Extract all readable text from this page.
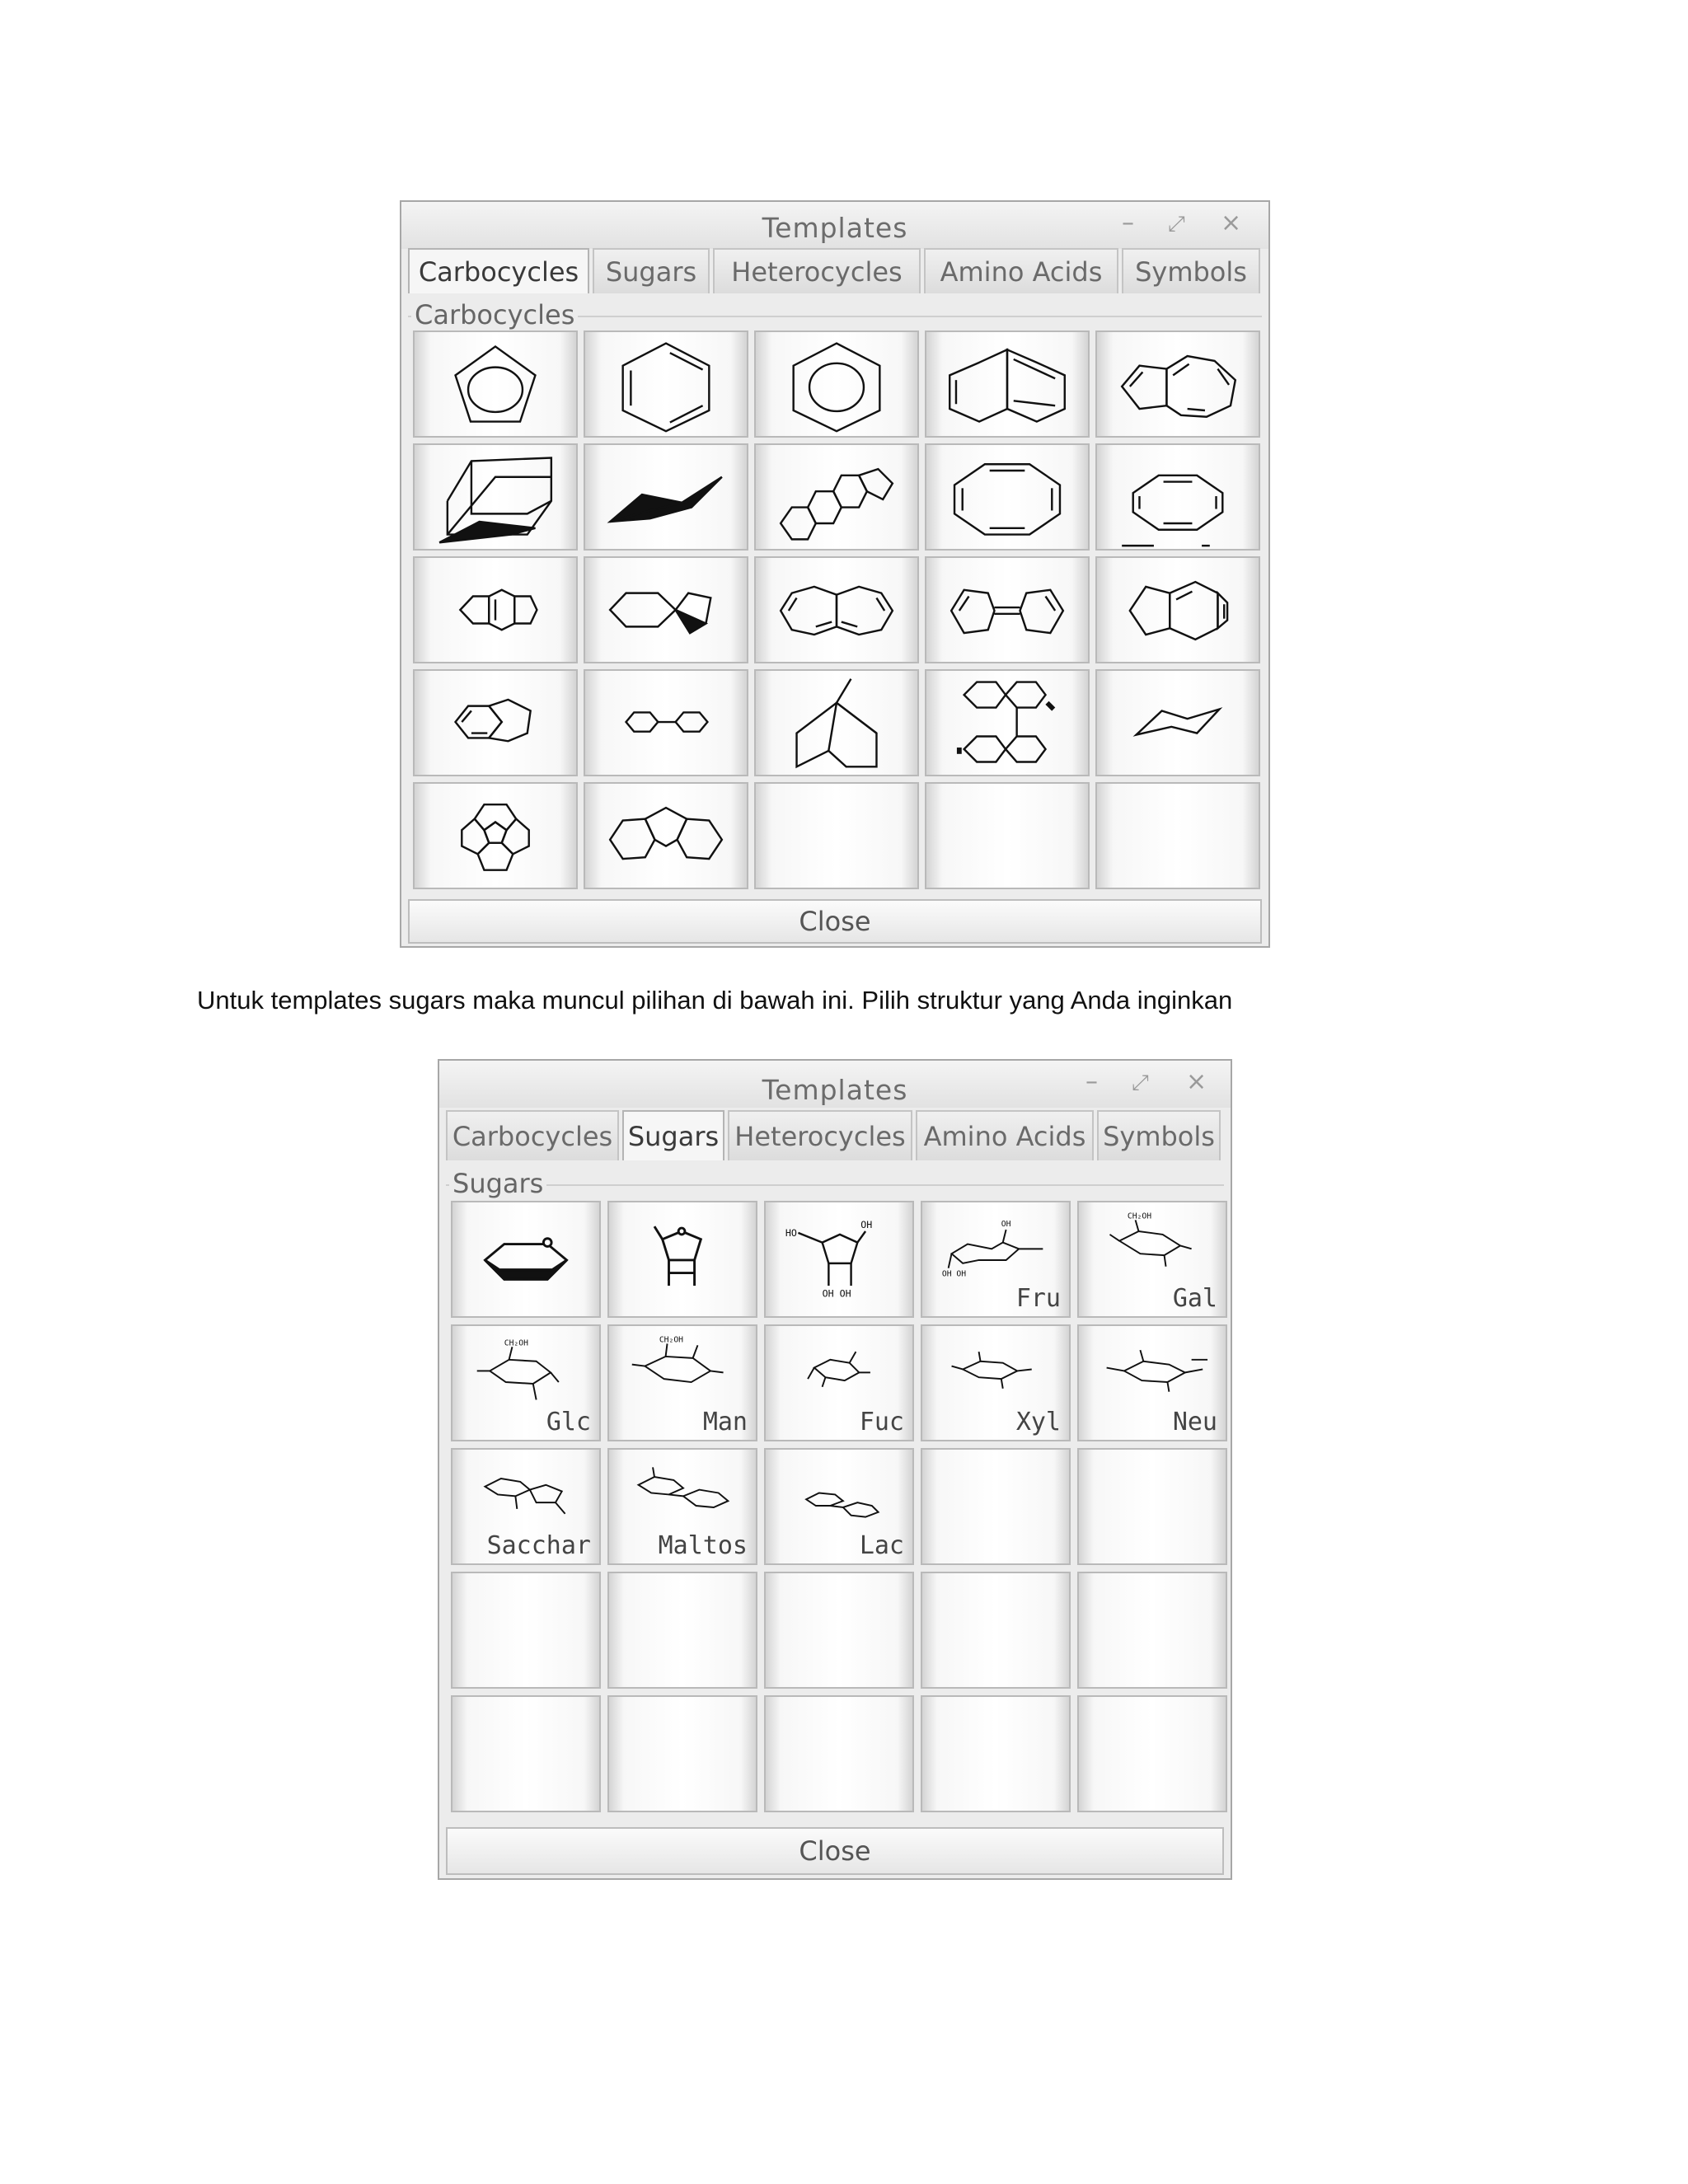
Templates	– ⤢ ×
Carbocycles	Sugars	Heterocycles	Amino Acids	Symbols
Carbocycles
Close
Untuk templates sugars maka muncul pilihan di bawah ini. Pilih struktur yang Anda inginkan
Templates	– ⤢ ×
Carbocycles Sugars Heterocycles Amino Acids Symbols
Sugars
HO
OH
OH OH
OH
OH OH
Fru
CH₂OH
Gal
CH₂OH
Glc
CH₂OH
Man	Fuc	Xyl	Neu
Sacchar	Maltos	Lac
Close
